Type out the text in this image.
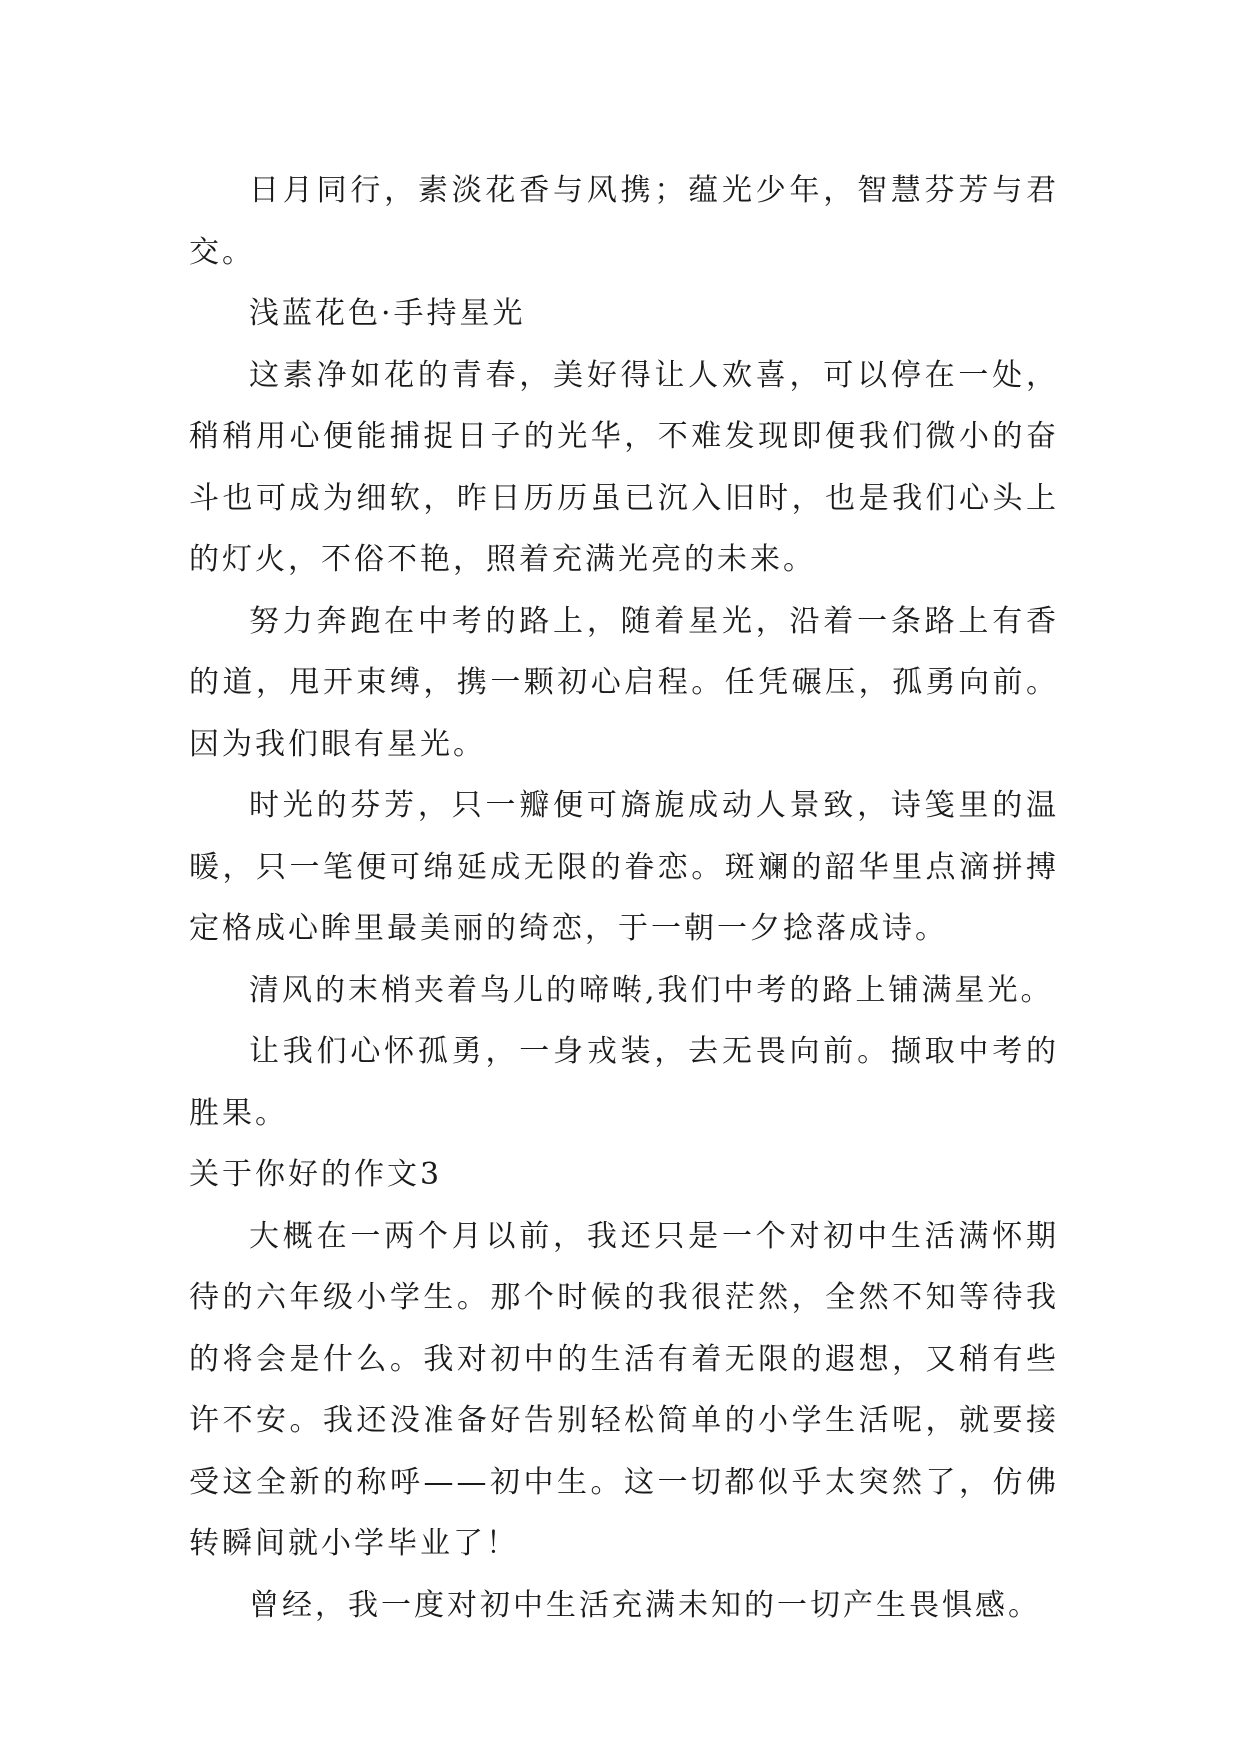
日月同行，素淡花香与风携；蕴光少年，智慧芬芳与君交。

浅蓝花色·手持星光

这素净如花的青春，美好得让人欢喜，可以停在一处，稍稍用心便能捕捉日子的光华，不难发现即便我们微小的奋斗也可成为细软，昨日历历虽已沉入旧时，也是我们心头上的灯火，不俗不艳，照着充满光亮的未来。

努力奔跑在中考的路上，随着星光，沿着一条路上有香的道，甩开束缚，携一颗初心启程。任凭碾压，孤勇向前。因为我们眼有星光。

时光的芬芳，只一瓣便可旖旎成动人景致，诗笺里的温暖，只一笔便可绵延成无限的眷恋。斑斓的韶华里点滴拼搏定格成心眸里最美丽的绮恋，于一朝一夕捻落成诗。

清风的末梢夹着鸟儿的啼啭,我们中考的路上铺满星光。

让我们心怀孤勇，一身戎装，去无畏向前。撷取中考的胜果。

关于你好的作文3

大概在一两个月以前，我还只是一个对初中生活满怀期待的六年级小学生。那个时候的我很茫然，全然不知等待我的将会是什么。我对初中的生活有着无限的遐想，又稍有些许不安。我还没准备好告别轻松简单的小学生活呢，就要接受这全新的称呼——初中生。这一切都似乎太突然了，仿佛转瞬间就小学毕业了！

曾经，我一度对初中生活充满未知的一切产生畏惧感。
